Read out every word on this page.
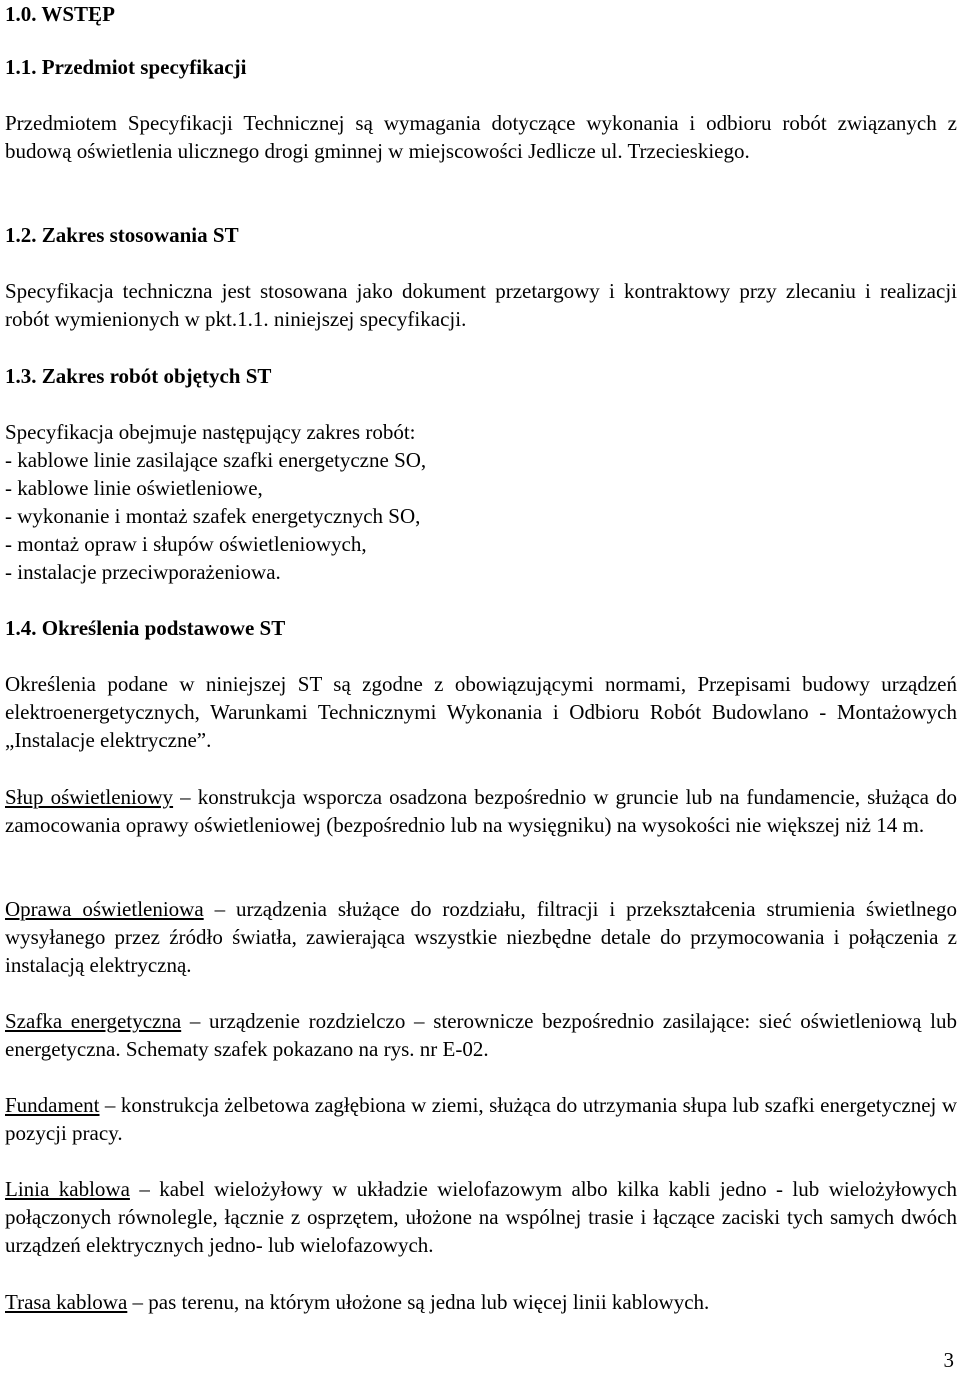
1.0. WSTĘP
1.1. Przedmiot specyfikacji

Przedmiotem Specyfikacji Technicznej są wymagania dotyczące wykonania i odbioru robót związanych z budową oświetlenia ulicznego drogi gminnej w miejscowości Jedlicze ul. Trzecieskiego.

1.2. Zakres stosowania ST

Specyfikacja techniczna jest stosowana jako dokument przetargowy i kontraktowy przy zlecaniu i realizacji robót wymienionych w pkt.1.1. niniejszej specyfikacji.

1.3. Zakres robót objętych ST

Specyfikacja obejmuje następujący zakres robót:

- kablowe linie zasilające szafki energetyczne SO,

- kablowe linie oświetleniowe,

- wykonanie i montaż szafek energetycznych SO,

- montaż opraw i słupów oświetleniowych,

- instalacje przeciwporażeniowa.

1.4. Określenia podstawowe ST

Określenia podane w niniejszej ST są zgodne z obowiązującymi normami, Przepisami budowy urządzeń elektroenergetycznych, Warunkami Technicznymi Wykonania i Odbioru Robót Budowlano - Montażowych „Instalacje elektryczne”.

Słup oświetleniowy – konstrukcja wsporcza osadzona bezpośrednio w gruncie lub na fundamencie, służąca do zamocowania oprawy oświetleniowej (bezpośrednio lub na wysięgniku) na wysokości nie większej niż 14 m.

Oprawa oświetleniowa – urządzenia służące do rozdziału, filtracji i przekształcenia strumienia świetlnego wysyłanego przez źródło światła, zawierająca wszystkie niezbędne detale do przymocowania i połączenia z instalacją elektryczną.

Szafka energetyczna – urządzenie rozdzielczo – sterownicze bezpośrednio zasilające: sieć oświetleniową lub energetyczna. Schematy szafek pokazano na rys. nr E-02.

Fundament – konstrukcja żelbetowa zagłębiona w ziemi, służąca do utrzymania słupa lub szafki energetycznej w pozycji pracy.

Linia kablowa – kabel wielożyłowy w układzie wielofazowym albo kilka kabli jedno - lub wielożyłowych połączonych równolegle, łącznie z osprzętem, ułożone na wspólnej trasie i łączące zaciski tych samych dwóch urządzeń elektrycznych jedno- lub wielofazowych.

Trasa kablowa – pas terenu, na którym ułożone są jedna lub więcej linii kablowych.

3
